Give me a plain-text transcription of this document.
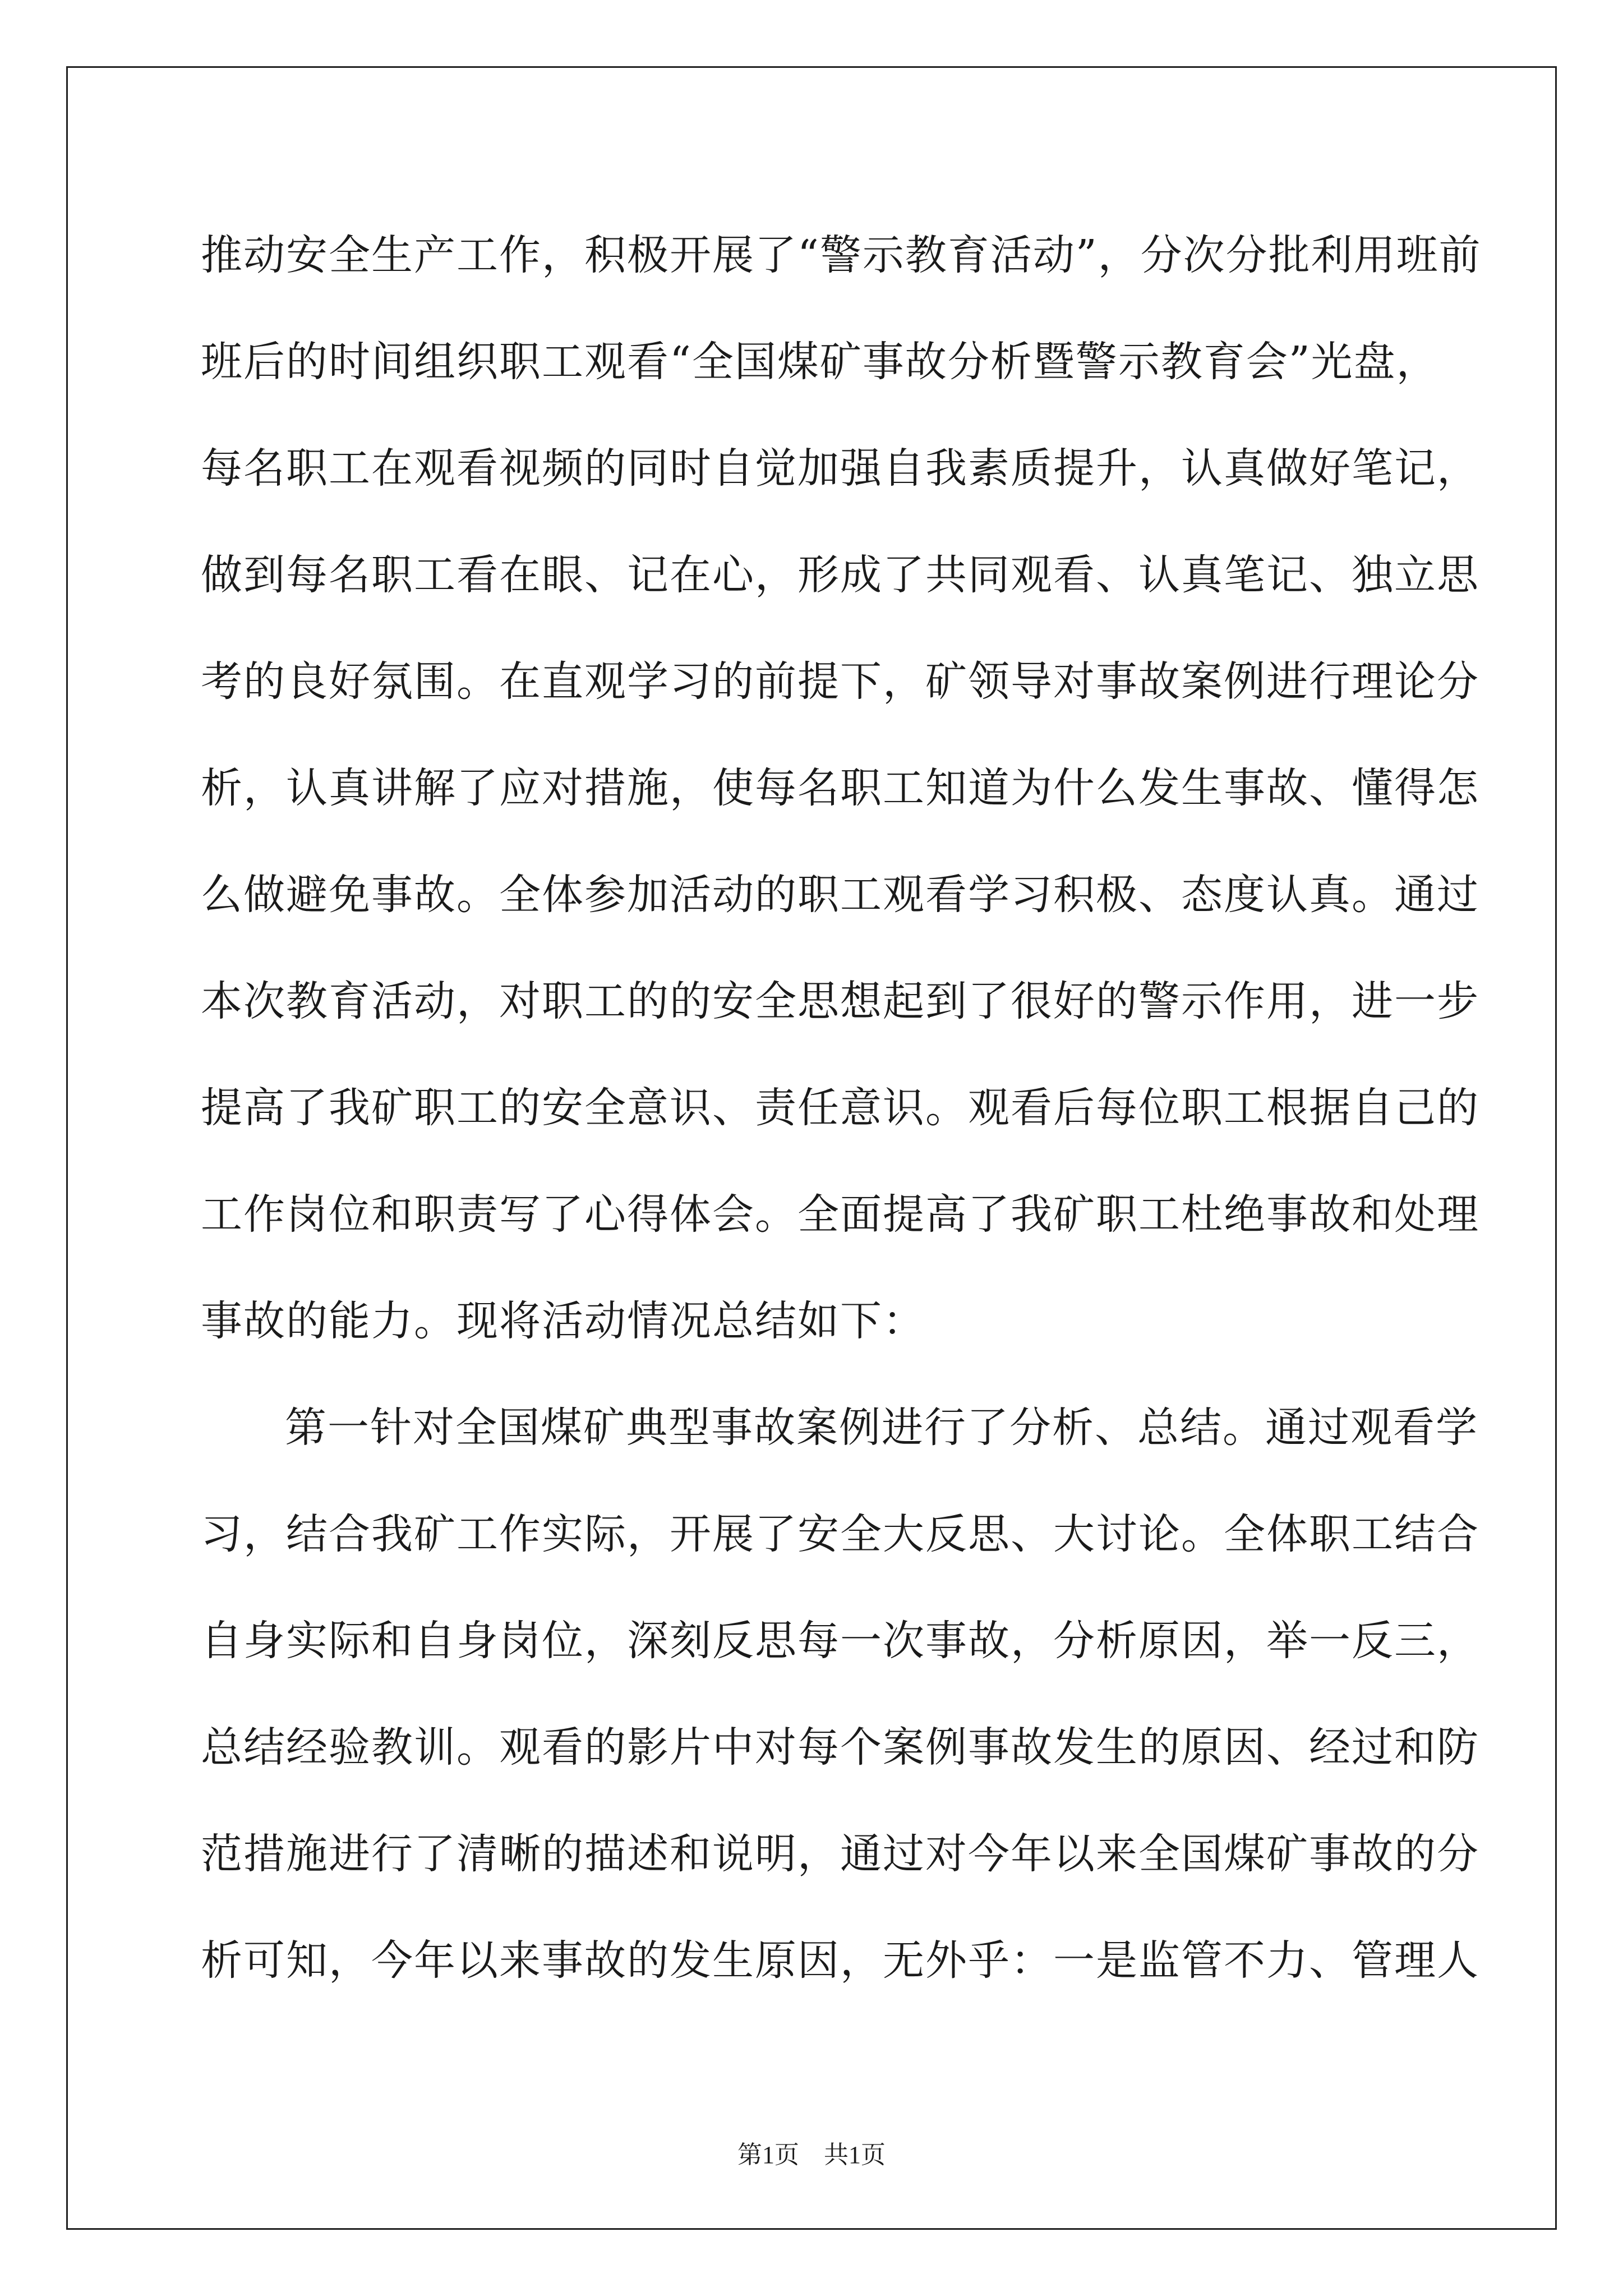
推动安全生产工作，积极开展了“警示教育活动”，分次分批利用班前
班后的时间组织职工观看“全国煤矿事故分析暨警示教育会”光盘，
每名职工在观看视频的同时自觉加强自我素质提升，认真做好笔记，
做到每名职工看在眼、记在心，形成了共同观看、认真笔记、独立思
考的良好氛围。在直观学习的前提下，矿领导对事故案例进行理论分
析，认真讲解了应对措施，使每名职工知道为什么发生事故、懂得怎
么做避免事故。全体参加活动的职工观看学习积极、态度认真。通过
本次教育活动，对职工的的安全思想起到了很好的警示作用，进一步
提高了我矿职工的安全意识、责任意识。观看后每位职工根据自己的
工作岗位和职责写了心得体会。全面提高了我矿职工杜绝事故和处理
事故的能力。现将活动情况总结如下：
第一针对全国煤矿典型事故案例进行了分析、总结。通过观看学
习，结合我矿工作实际，开展了安全大反思、大讨论。全体职工结合
自身实际和自身岗位，深刻反思每一次事故，分析原因，举一反三，
总结经验教训。观看的影片中对每个案例事故发生的原因、经过和防
范措施进行了清晰的描述和说明，通过对今年以来全国煤矿事故的分
析可知，今年以来事故的发生原因，无外乎：一是监管不力、管理人
第1页　共1页
